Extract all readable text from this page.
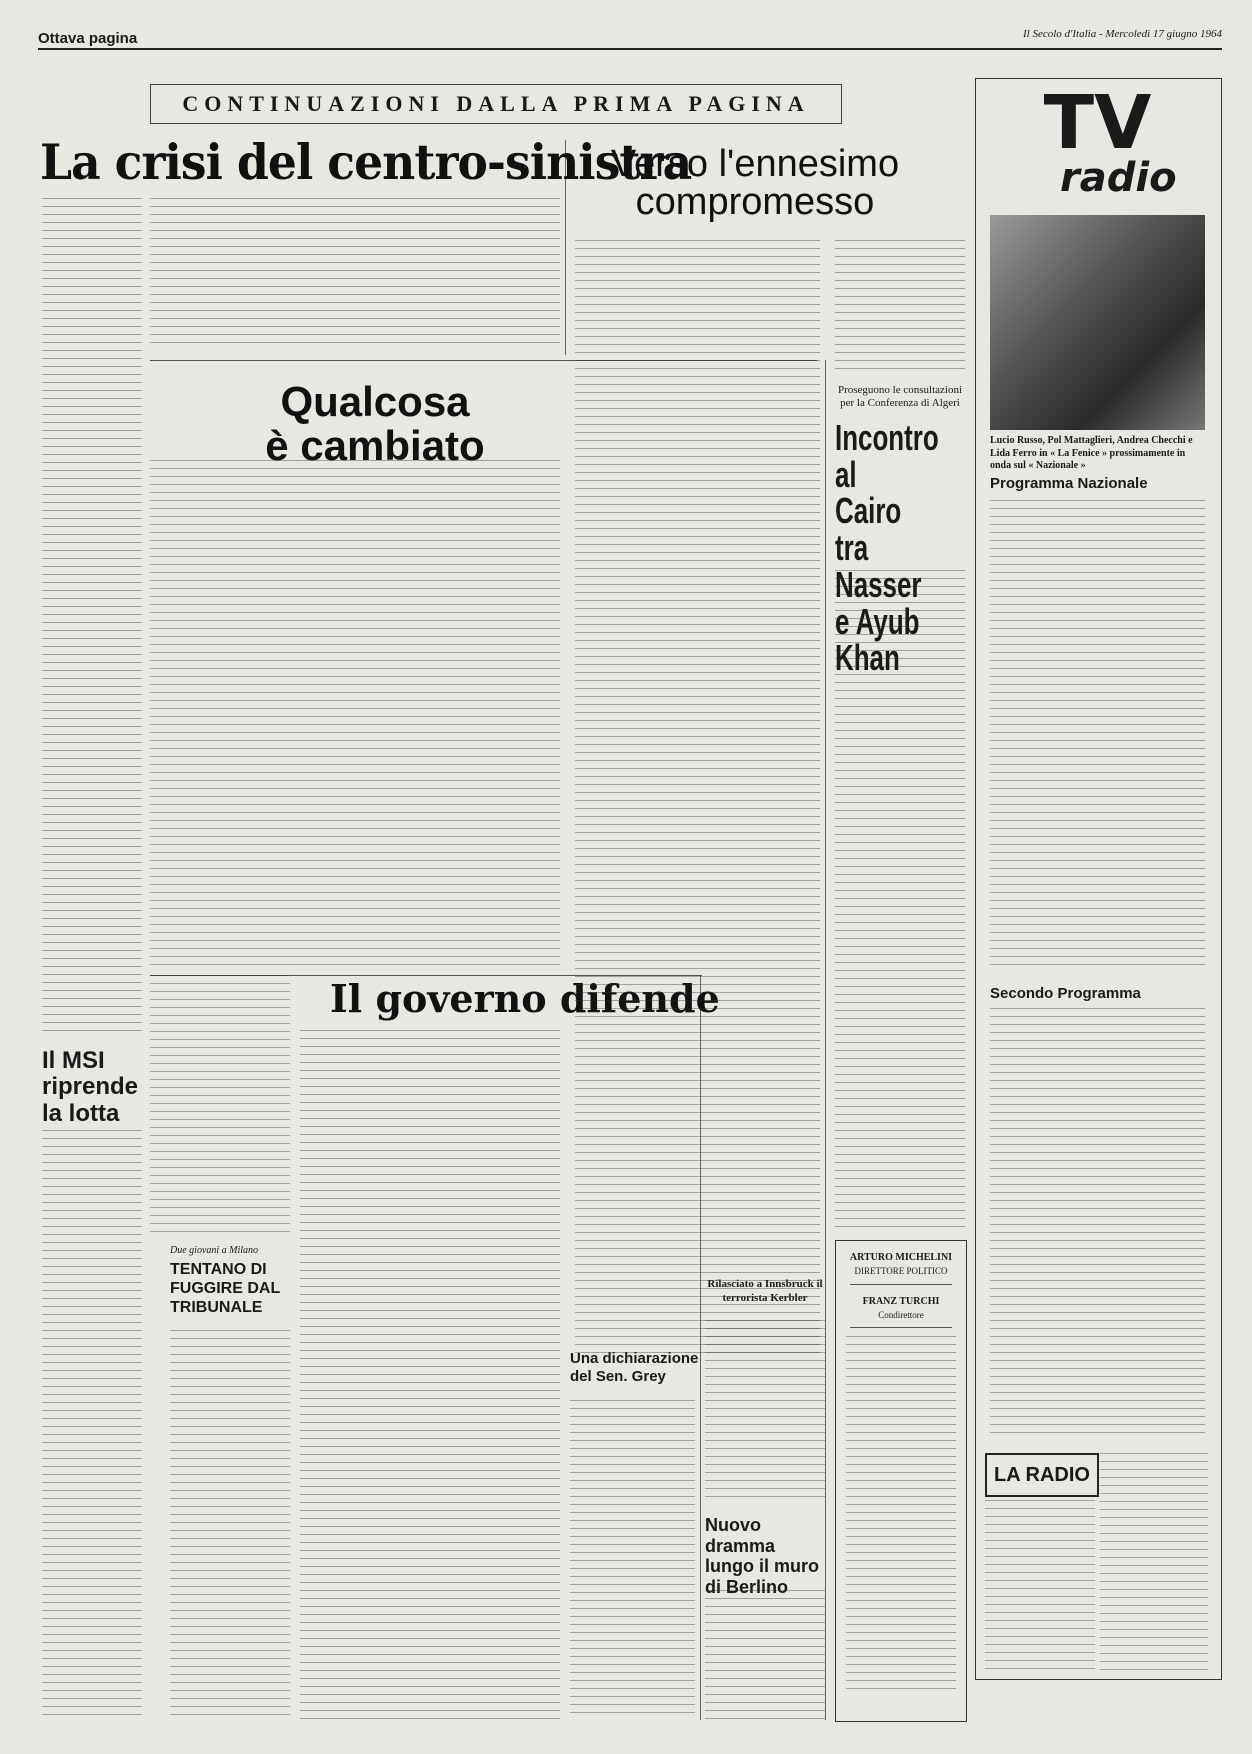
Ottava pagina	Il Secolo d'Italia - Mercoledì 17 giugno 1964
CONTINUAZIONI DALLA PRIMA PAGINA
La crisi del centro-sinistra
Verso l'ennesimo
compromesso
Qualcosa
è cambiato
Il governo difende
Il MSI riprende la lotta
Due giovani a Milano
TENTANO DI FUGGIRE DAL TRIBUNALE
Proseguono le consultazioni per la Conferenza di Algeri
Incontro al Cairo tra Nasser e Ayub Khan
Una dichiarazione del Sen. Grey
Rilasciato a Innsbruck il terrorista Kerbler
Nuovo dramma lungo il muro di Berlino
ARTURO MICHELINI
DIRETTORE POLITICO
FRANZ TURCHI
Condirettore
TV
radio
Lucio Russo, Pol Mattaglieri, Andrea Checchi e Lida Ferro in « La Fenice » prossimamente in onda sul « Nazionale »
Programma Nazionale
Secondo Programma
LA RADIO
